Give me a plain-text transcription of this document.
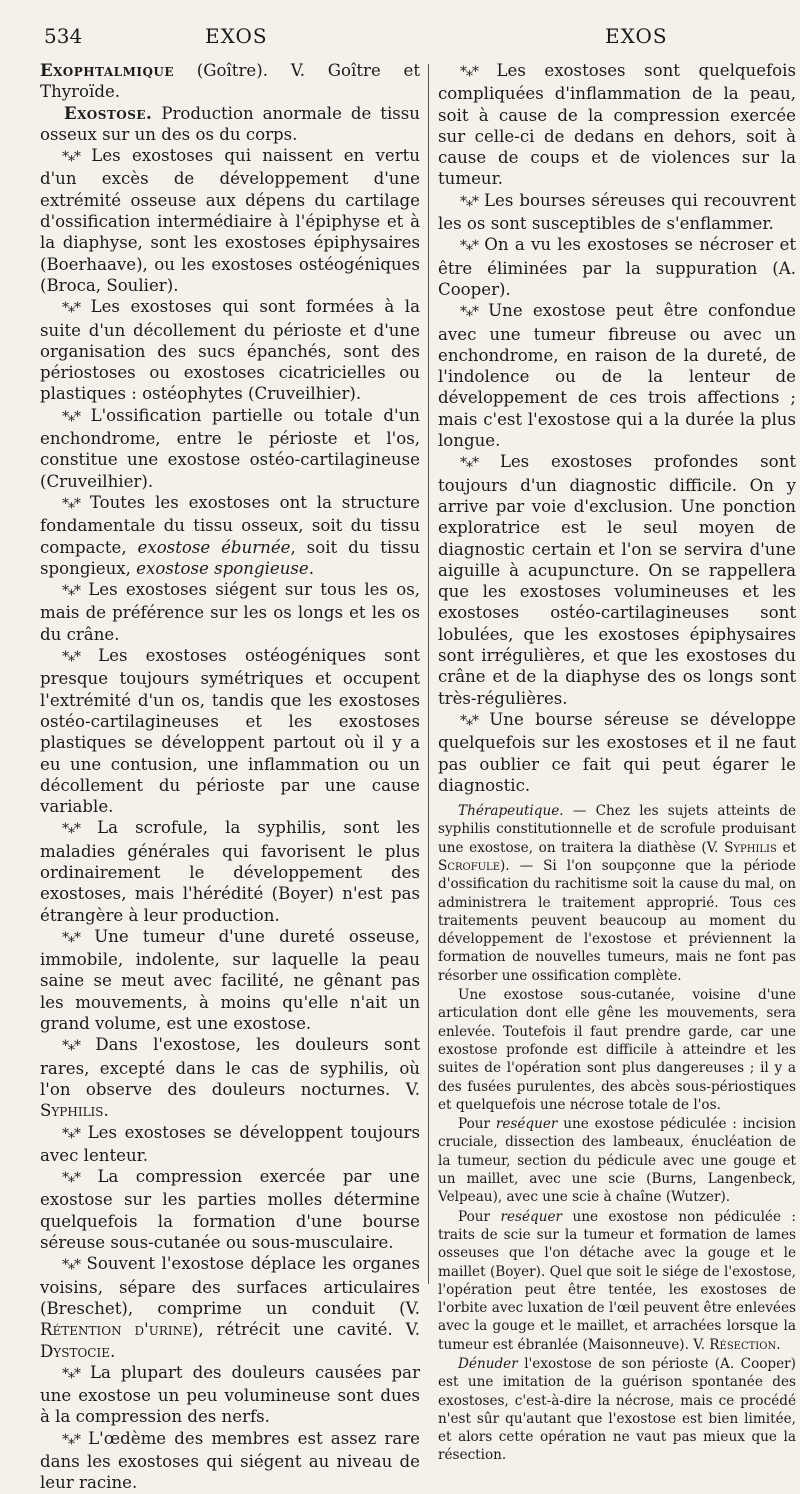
534	EXOS	EXOS

Exophtalmique (Goître). V. Goître et Thyroïde.

Exostose. Production anormale de tissu osseux sur un des os du corps.

*⁎* Les exostoses qui naissent en vertu d'un excès de développement d'une extrémité osseuse aux dépens du cartilage d'ossification intermédiaire à l'épiphyse et à la diaphyse, sont les exostoses épiphysaires (Boerhaave), ou les exostoses ostéogéniques (Broca, Soulier).

*⁎* Les exostoses qui sont formées à la suite d'un décollement du périoste et d'une organisation des sucs épanchés, sont des périostoses ou exostoses cicatricielles ou plastiques : ostéophytes (Cruveilhier).

*⁎* L'ossification partielle ou totale d'un enchondrome, entre le périoste et l'os, constitue une exostose ostéo-cartilagineuse (Cruveilhier).

*⁎* Toutes les exostoses ont la structure fondamentale du tissu osseux, soit du tissu compacte, exostose éburnée, soit du tissu spongieux, exostose spongieuse.

*⁎* Les exostoses siégent sur tous les os, mais de préférence sur les os longs et les os du crâne.

*⁎* Les exostoses ostéogéniques sont presque toujours symétriques et occupent l'extrémité d'un os, tandis que les exostoses ostéo-cartilagineuses et les exostoses plastiques se développent partout où il y a eu une contusion, une inflammation ou un décollement du périoste par une cause variable.

*⁎* La scrofule, la syphilis, sont les maladies générales qui favorisent le plus ordinairement le développement des exostoses, mais l'hérédité (Boyer) n'est pas étrangère à leur production.

*⁎* Une tumeur d'une dureté osseuse, immobile, indolente, sur laquelle la peau saine se meut avec facilité, ne gênant pas les mouvements, à moins qu'elle n'ait un grand volume, est une exostose.

*⁎* Dans l'exostose, les douleurs sont rares, excepté dans le cas de syphilis, où l'on observe des douleurs nocturnes. V. Syphilis.

*⁎* Les exostoses se développent toujours avec lenteur.

*⁎* La compression exercée par une exostose sur les parties molles détermine quelquefois la formation d'une bourse séreuse sous-cutanée ou sous-musculaire.

*⁎* Souvent l'exostose déplace les organes voisins, sépare des surfaces articulaires (Breschet), comprime un conduit (V. Rétention d'urine), rétrécit une cavité. V. Dystocie.

*⁎* La plupart des douleurs causées par une exostose un peu volumineuse sont dues à la compression des nerfs.

*⁎* L'œdème des membres est assez rare dans les exostoses qui siégent au niveau de leur racine.

*⁎* Les exostoses sont quelquefois compliquées d'inflammation de la peau, soit à cause de la compression exercée sur celle-ci de dedans en dehors, soit à cause de coups et de violences sur la tumeur.

*⁎* Les bourses séreuses qui recouvrent les os sont susceptibles de s'enflammer.

*⁎* On a vu les exostoses se nécroser et être éliminées par la suppuration (A. Cooper).

*⁎* Une exostose peut être confondue avec une tumeur fibreuse ou avec un enchondrome, en raison de la dureté, de l'indolence ou de la lenteur de développement de ces trois affections ; mais c'est l'exostose qui a la durée la plus longue.

*⁎* Les exostoses profondes sont toujours d'un diagnostic difficile. On y arrive par voie d'exclusion. Une ponction exploratrice est le seul moyen de diagnostic certain et l'on se servira d'une aiguille à acupuncture. On se rappellera que les exostoses volumineuses et les exostoses ostéo-cartilagineuses sont lobulées, que les exostoses épiphysaires sont irrégulières, et que les exostoses du crâne et de la diaphyse des os longs sont très-régulières.

*⁎* Une bourse séreuse se développe quelquefois sur les exostoses et il ne faut pas oublier ce fait qui peut égarer le diagnostic.

Thérapeutique. — Chez les sujets atteints de syphilis constitutionnelle et de scrofule produisant une exostose, on traitera la diathèse (V. Syphilis et Scrofule). — Si l'on soupçonne que la période d'ossification du rachitisme soit la cause du mal, on administrera le traitement approprié. Tous ces traitements peuvent beaucoup au moment du développement de l'exostose et préviennent la formation de nouvelles tumeurs, mais ne font pas résorber une ossification complète.

Une exostose sous-cutanée, voisine d'une articulation dont elle gêne les mouvements, sera enlevée. Toutefois il faut prendre garde, car une exostose profonde est difficile à atteindre et les suites de l'opération sont plus dangereuses ; il y a des fusées purulentes, des abcès sous-périostiques et quelquefois une nécrose totale de l'os.

Pour reséquer une exostose pédiculée : incision cruciale, dissection des lambeaux, énucléation de la tumeur, section du pédicule avec une gouge et un maillet, avec une scie (Burns, Langenbeck, Velpeau), avec une scie à chaîne (Wutzer).

Pour reséquer une exostose non pédiculée : traits de scie sur la tumeur et formation de lames osseuses que l'on détache avec la gouge et le maillet (Boyer). Quel que soit le siége de l'exostose, l'opération peut être tentée, les exostoses de l'orbite avec luxation de l'œil peuvent être enlevées avec la gouge et le maillet, et arrachées lorsque la tumeur est ébranlée (Maisonneuve). V. Résection.

Dénuder l'exostose de son périoste (A. Cooper) est une imitation de la guérison spontanée des exostoses, c'est-à-dire la nécrose, mais ce procédé n'est sûr qu'autant que l'exostose est bien limitée, et alors cette opération ne vaut pas mieux que la résection.
